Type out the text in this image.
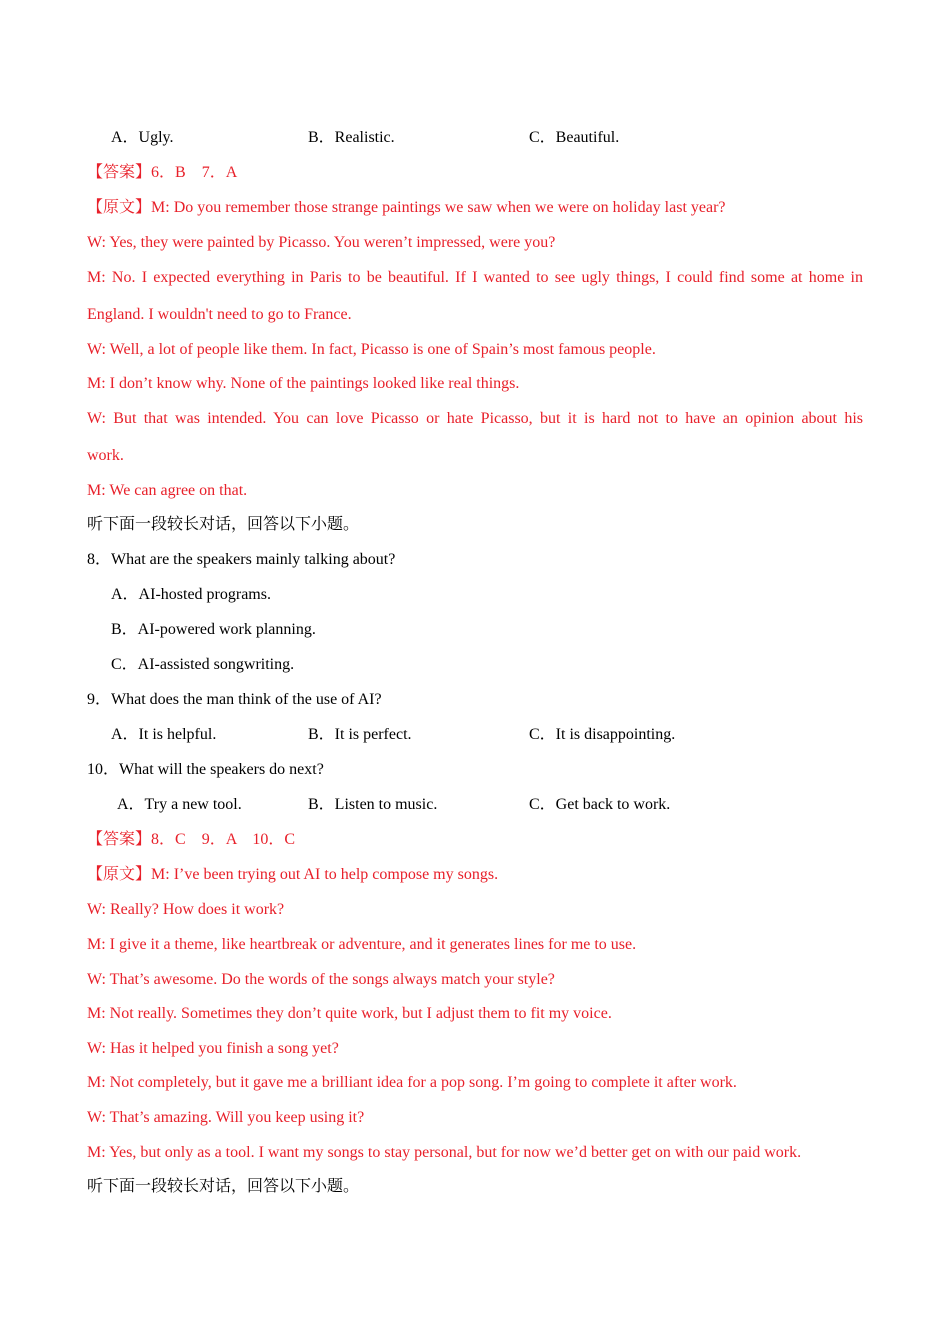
A．Ugly.	B．Realistic.	C．Beautiful.
【答案】6．B　7．A
【原文】M: Do you remember those strange paintings we saw when we were on holiday last year?
W: Yes, they were painted by Picasso. You weren’t impressed, were you?
M: No. I expected everything in Paris to be beautiful. If I wanted to see ugly things, I could find some at home in
England. I wouldn't need to go to France.
W: Well, a lot of people like them. In fact, Picasso is one of Spain’s most famous people.
M: I don’t know why. None of the paintings looked like real things.
W: But that was intended. You can love Picasso or hate Picasso, but it is hard not to have an opinion about his
work.
M: We can agree on that.
听下面一段较长对话，回答以下小题。
8．What are the speakers mainly talking about?
A．AI-hosted programs.
B．AI-powered work planning.
C．AI-assisted songwriting.
9．What does the man think of the use of AI?
A．It is helpful.	B．It is perfect.	C．It is disappointing.
10．What will the speakers do next?
A．Try a new tool.	B．Listen to music.	C．Get back to work.
【答案】8．C　9．A　10．C
【原文】M: I’ve been trying out AI to help compose my songs.
W: Really? How does it work?
M: I give it a theme, like heartbreak or adventure, and it generates lines for me to use.
W: That’s awesome. Do the words of the songs always match your style?
M: Not really. Sometimes they don’t quite work, but I adjust them to fit my voice.
W: Has it helped you finish a song yet?
M: Not completely, but it gave me a brilliant idea for a pop song. I’m going to complete it after work.
W: That’s amazing. Will you keep using it?
M: Yes, but only as a tool. I want my songs to stay personal, but for now we’d better get on with our paid work.
听下面一段较长对话，回答以下小题。
